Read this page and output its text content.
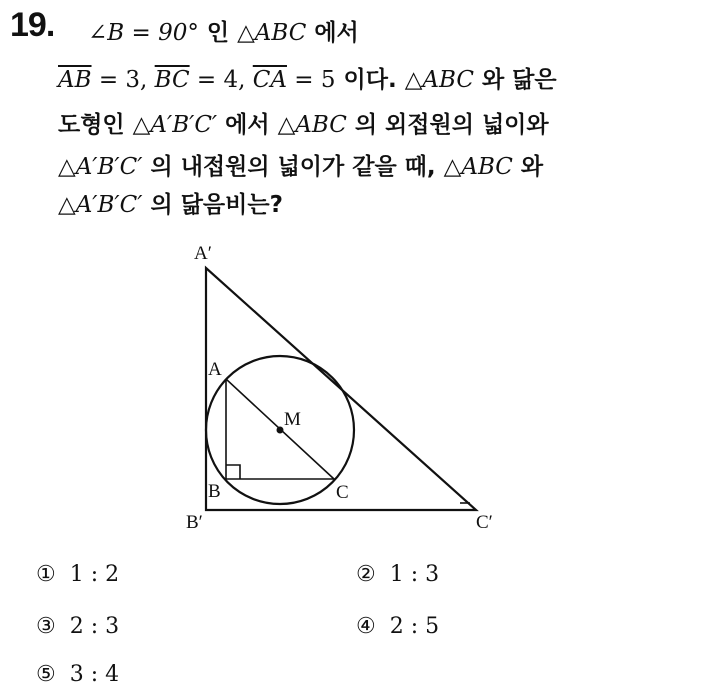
19. ∠B = 90° 인 △ABC 에서
$\overline{AB} = 3$, $\overline{BC} = 4$, $\overline{CA} = 5$ 이다. △ABC 와 닮은
도형인 △A′B′C′ 에서 △ABC 의 외접원의 넓이와
△A′B′C′ 의 내접원의 넓이가 같을 때, △ABC 와
△A′B′C′ 의 닮음비는?
A′
B′	C′
A
B	C
M
① 1 : 2	② 1 : 3
③ 2 : 3	④ 2 : 5
⑤ 3 : 4
